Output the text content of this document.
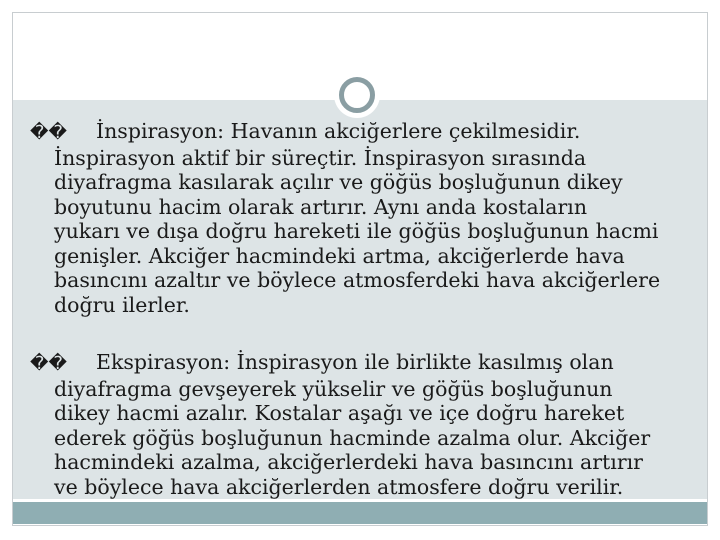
�� İnspirasyon: Havanın akciğerlere çekilmesidir.
İnspirasyon aktif bir süreçtir. İnspirasyon sırasında
diyafragma kasılarak açılır ve göğüs boşluğunun dikey
boyutunu hacim olarak artırır. Aynı anda kostaların
yukarı ve dışa doğru hareketi ile göğüs boşluğunun hacmi
genişler. Akciğer hacmindeki artma, akciğerlerde hava
basıncını azaltır ve böylece atmosferdeki hava akciğerlere
doğru ilerler.
�� Ekspirasyon: İnspirasyon ile birlikte kasılmış olan
diyafragma gevşeyerek yükselir ve göğüs boşluğunun
dikey hacmi azalır. Kostalar aşağı ve içe doğru hareket
ederek göğüs boşluğunun hacminde azalma olur. Akciğer
hacmindeki azalma, akciğerlerdeki hava basıncını artırır
ve böylece hava akciğerlerden atmosfere doğru verilir.
